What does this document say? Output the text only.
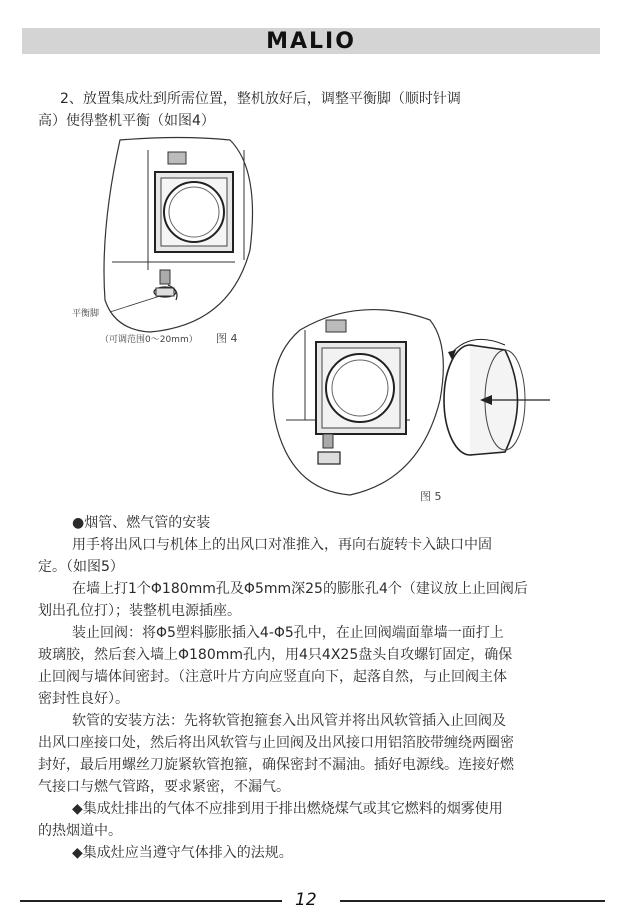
MALIO
2、放置集成灶到所需位置，整机放好后，调整平衡脚（顺时针调
高）使得整机平衡（如图4）
平衡脚
（可调范围0～20mm） 图 4
图 5
●烟管、燃气管的安装
用手将出风口与机体上的出风口对准推入，再向右旋转卡入缺口中固
定。（如图5）
在墙上打1个Φ180mm孔及Φ5mm深25的膨胀孔4个（建议放上止回阀后
划出孔位打）；装整机电源插座。
装止回阀：将Φ5塑料膨胀插入4-Φ5孔中，在止回阀端面靠墙一面打上
玻璃胶，然后套入墙上Φ180mm孔内，用4只4X25盘头自攻螺钉固定，确保
止回阀与墙体间密封。（注意叶片方向应竖直向下，起落自然，与止回阀主体
密封性良好）。
软管的安装方法：先将软管抱箍套入出风管并将出风软管插入止回阀及
出风口座接口处，然后将出风软管与止回阀及出风接口用铝箔胶带缠绕两圈密
封好，最后用螺丝刀旋紧软管抱箍，确保密封不漏油。插好电源线。连接好燃
气接口与燃气管路，要求紧密，不漏气。
◆集成灶排出的气体不应排到用于排出燃烧煤气或其它燃料的烟雾使用
的热烟道中。
◆集成灶应当遵守气体排入的法规。
12
